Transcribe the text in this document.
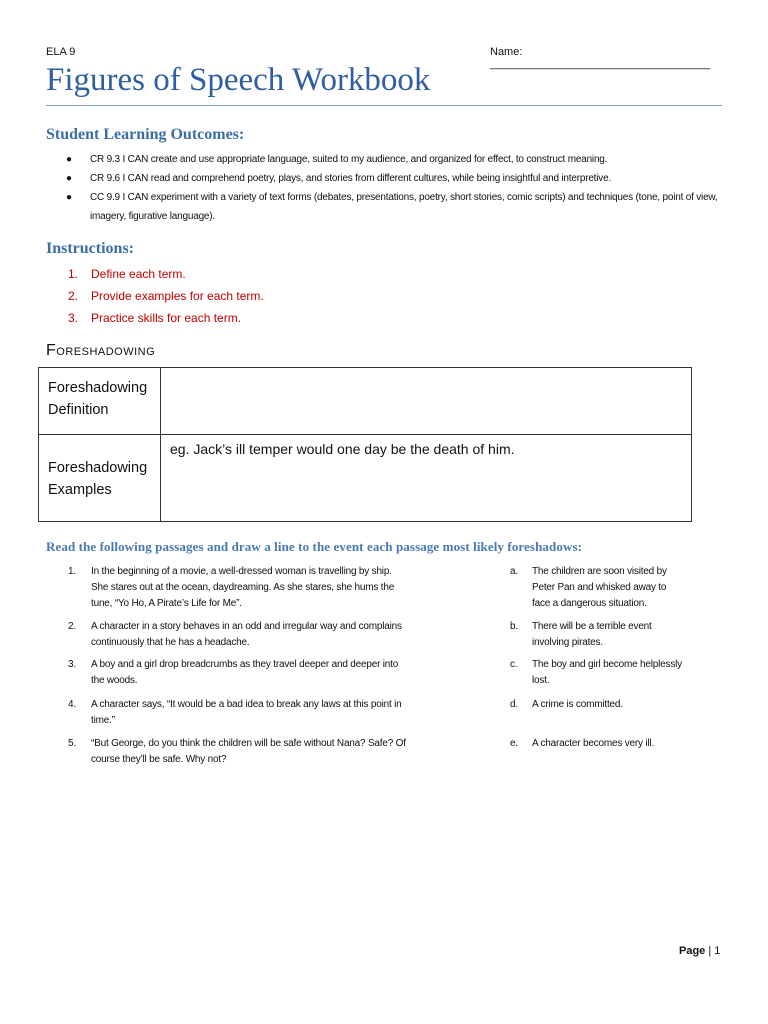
ELA 9	Name: ____________________________________
Figures of Speech Workbook
Student Learning Outcomes:
● CR 9.3 I CAN create and use appropriate language, suited to my audience, and organized for effect, to construct meaning.
● CR 9.6 I CAN read and comprehend poetry, plays, and stories from different cultures, while being insightful and interpretive.
● CC 9.9 I CAN experiment with a variety of text forms (debates, presentations, poetry, short stories, comic scripts) and techniques (tone, point of view, imagery, figurative language).
Instructions:
1. Define each term.
2. Provide examples for each term.
3. Practice skills for each term.
Foreshadowing
Foreshadowing Definition
Foreshadowing Examples
eg. Jack’s ill temper would one day be the death of him.
Read the following passages and draw a line to the event each passage most likely foreshadows:
1. In the beginning of a movie, a well-dressed woman is travelling by ship. She stares out at the ocean, daydreaming. As she stares, she hums the tune, “Yo Ho, A Pirate’s Life for Me”.
2. A character in a story behaves in an odd and irregular way and complains continuously that he has a headache.
3. A boy and a girl drop breadcrumbs as they travel deeper and deeper into the woods.
4. A character says, “It would be a bad idea to break any laws at this point in time.”
5. “But George, do you think the children will be safe without Nana? Safe? Of course they’ll be safe. Why not?
a. The children are soon visited by Peter Pan and whisked away to face a dangerous situation.
b. There will be a terrible event involving pirates.
c. The boy and girl become helplessly lost.
d. A crime is committed.
e. A character becomes very ill.
Page | 1
